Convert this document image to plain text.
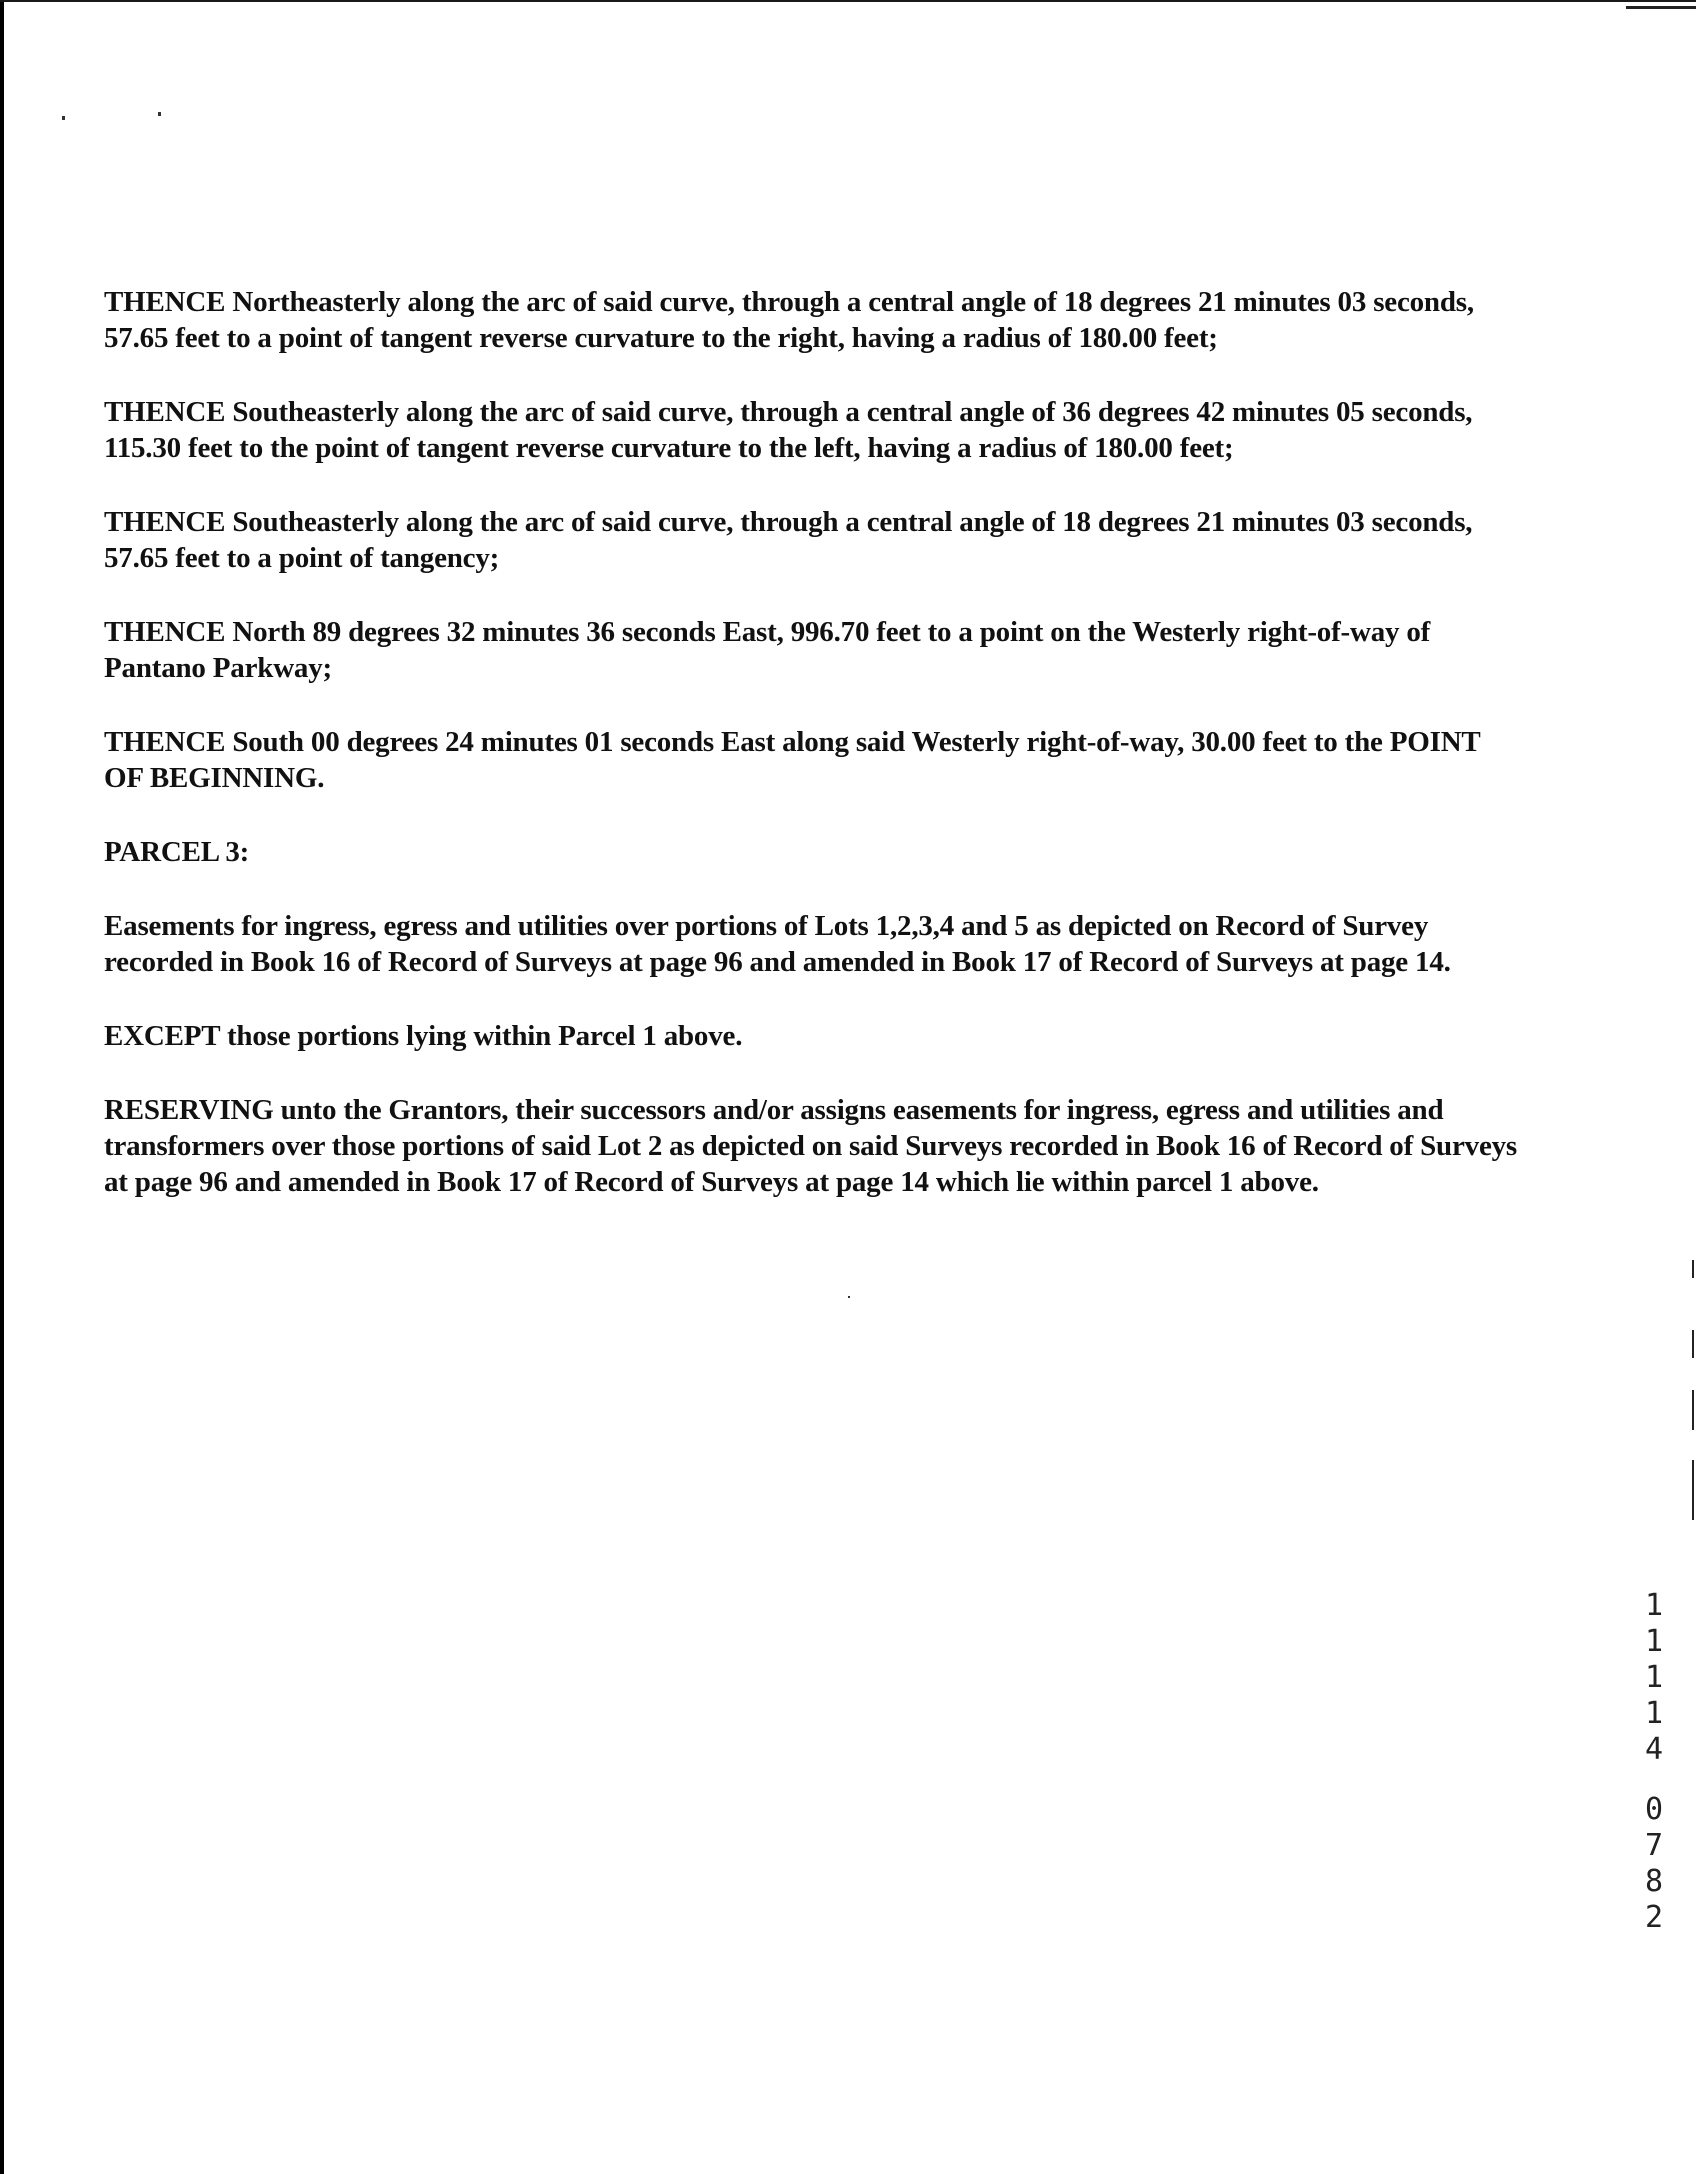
THENCE Northeasterly along the arc of said curve, through a central angle of 18 degrees 21 minutes 03 seconds,
57.65 feet to a point of tangent reverse curvature to the right, having a radius of 180.00 feet;

THENCE Southeasterly along the arc of said curve, through a central angle of 36 degrees 42 minutes 05 seconds,
115.30 feet to the point of tangent reverse curvature to the left, having a radius of 180.00 feet;

THENCE Southeasterly along the arc of said curve, through a central angle of 18 degrees 21 minutes 03 seconds,
57.65 feet to a point of tangency;

THENCE North 89 degrees 32 minutes 36 seconds East, 996.70 feet to a point on the Westerly right-of-way of
Pantano Parkway;

THENCE South 00 degrees 24 minutes 01 seconds East along said Westerly right-of-way, 30.00 feet to the POINT
OF BEGINNING.

PARCEL 3:

Easements for ingress, egress and utilities over portions of Lots 1,2,3,4 and 5 as depicted on Record of Survey
recorded in Book 16 of Record of Surveys at page 96 and amended in Book 17 of Record of Surveys at page 14.

EXCEPT those portions lying within Parcel 1 above.

RESERVING unto the Grantors, their successors and/or assigns easements for ingress, egress and utilities and
transformers over those portions of said Lot 2 as depicted on said Surveys recorded in Book 16 of Record of Surveys
at page 96 and amended in Book 17 of Record of Surveys at page 14 which lie within parcel 1 above.

1
1
1
1
4
0
7
8
2
